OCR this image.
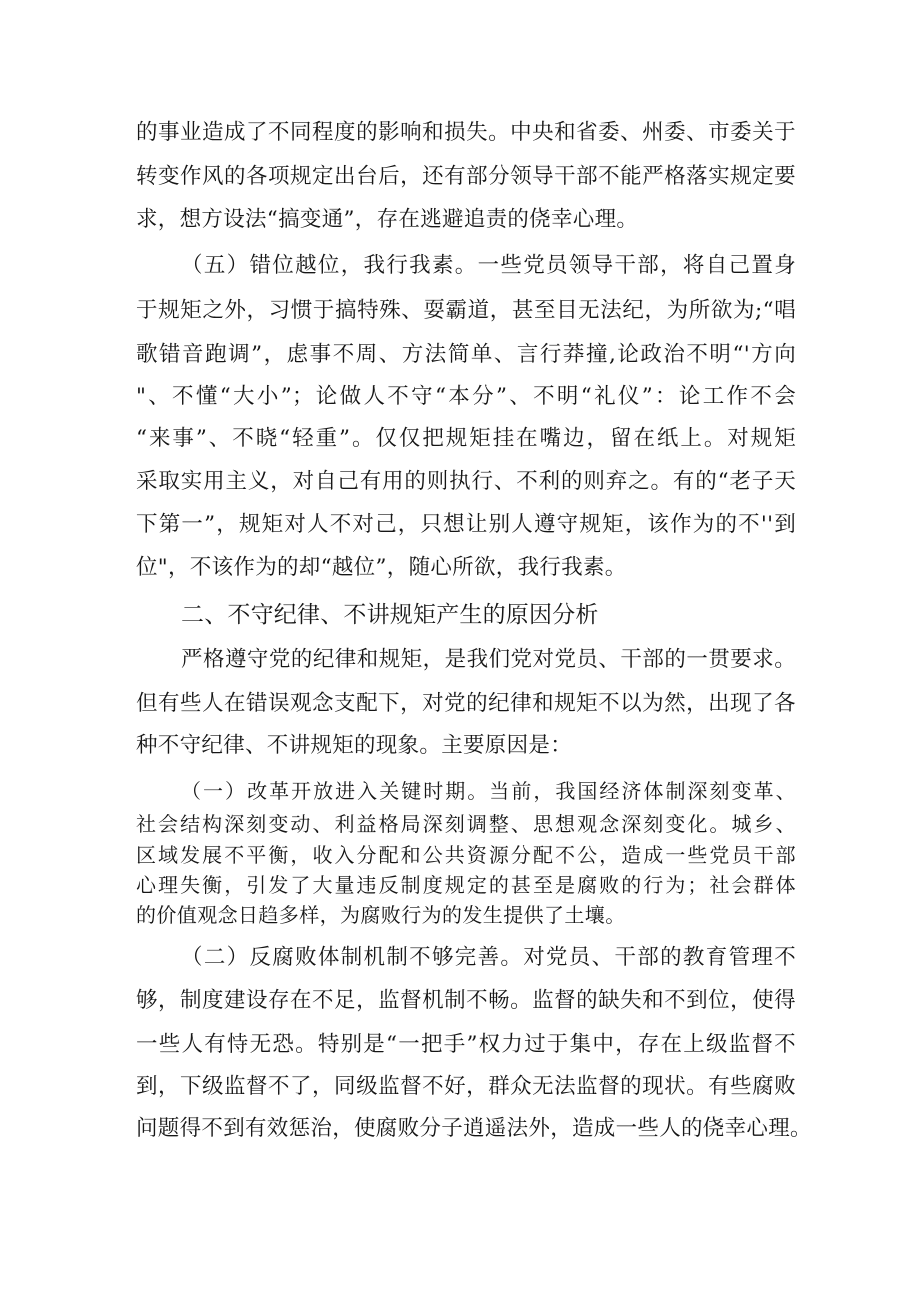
的事业造成了不同程度的影响和损失。中央和省委、州委、市委关于
转变作风的各项规定出台后，还有部分领导干部不能严格落实规定要
求，想方设法“搞变通”，存在逃避追责的侥幸心理。
（五）错位越位，我行我素。一些党员领导干部，将自己置身
于规矩之外，习惯于搞特殊、耍霸道，甚至目无法纪，为所欲为;“唱
歌错音跑调”，虑事不周、方法简单、言行莽撞,论政治不明“'方向
"、不懂“大小”；论做人不守“本分”、不明“礼仪”：论工作不会
“来事”、不晓“轻重”。仅仅把规矩挂在嘴边，留在纸上。对规矩
采取实用主义，对自己有用的则执行、不利的则弃之。有的“老子天
下第一”，规矩对人不对己，只想让别人遵守规矩，该作为的不''到
位"，不该作为的却“越位”，随心所欲，我行我素。
二、不守纪律、不讲规矩产生的原因分析
严格遵守党的纪律和规矩，是我们党对党员、干部的一贯要求。
但有些人在错误观念支配下，对党的纪律和规矩不以为然，出现了各
种不守纪律、不讲规矩的现象。主要原因是：
（一）改革开放进入关键时期。当前，我国经济体制深刻变革、
社会结构深刻变动、利益格局深刻调整、思想观念深刻变化。城乡、
区域发展不平衡，收入分配和公共资源分配不公，造成一些党员干部
心理失衡，引发了大量违反制度规定的甚至是腐败的行为；社会群体
的价值观念日趋多样，为腐败行为的发生提供了土壤。
（二）反腐败体制机制不够完善。对党员、干部的教育管理不
够，制度建设存在不足，监督机制不畅。监督的缺失和不到位，使得
一些人有恃无恐。特别是“一把手”权力过于集中，存在上级监督不
到，下级监督不了，同级监督不好，群众无法监督的现状。有些腐败
问题得不到有效惩治，使腐败分子逍遥法外，造成一些人的侥幸心理。
